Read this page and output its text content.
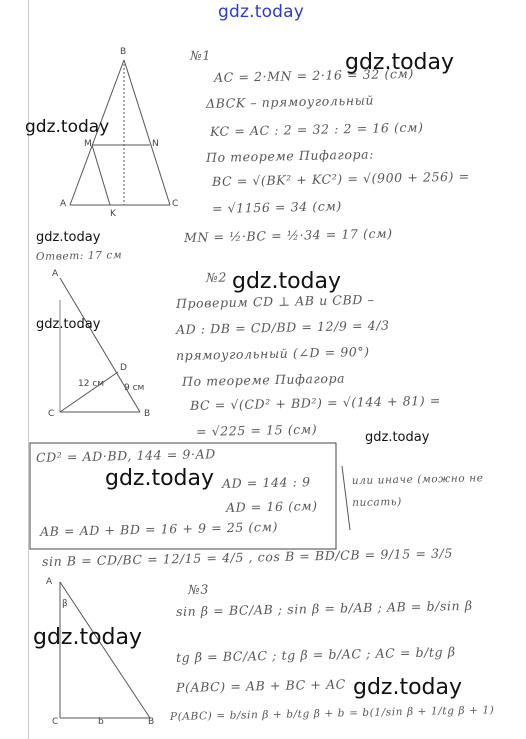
gdz.today
B
A	C
K
M	N
№1
AC = 2·MN = 2·16 = 32 (см)
ΔBCK – прямоугольный
KC = AC : 2 = 32 : 2 = 16 (см)
По теореме Пифагора:
BC = √(BK² + KC²) = √(900 + 256) =
= √1156 = 34 (см)
MN = ½·BC = ½·34 = 17 (см)
Ответ: 17 см
gdz.today
gdz.today
gdz.today
gdz.today
gdz.today
№2
Проверим CD ⊥ AB и CBD –
AD : DB = CD/BD = 12/9 = 4/3
прямоугольный (∠D = 90°)
По теореме Пифагора
BC = √(CD² + BD²) = √(144 + 81) =
= √225 = 15 (см)
A
C	B
D
12 см 9 см
gdz.today
CD² = AD·BD, 144 = 9·AD
gdz.today AD = 144 : 9
AD = 16 (см)
AB = AD + BD = 16 + 9 = 25 (см)
или иначе (можно не писать)
sin B = CD/BC = 12/15 = 4/5 , cos B = BD/CB = 9/15 = 3/5
№3
sin β = BC/AB ; sin β = b/AB ; AB = b/sin β
gdz.today
tg β = BC/AC ; tg β = b/AC ; AC = b/tg β
P(ABC) = AB + BC + AC gdz.today
P(ABC) = b/sin β + b/tg β + b = b(1/sin β + 1/tg β + 1)
A
β
C	b	B
